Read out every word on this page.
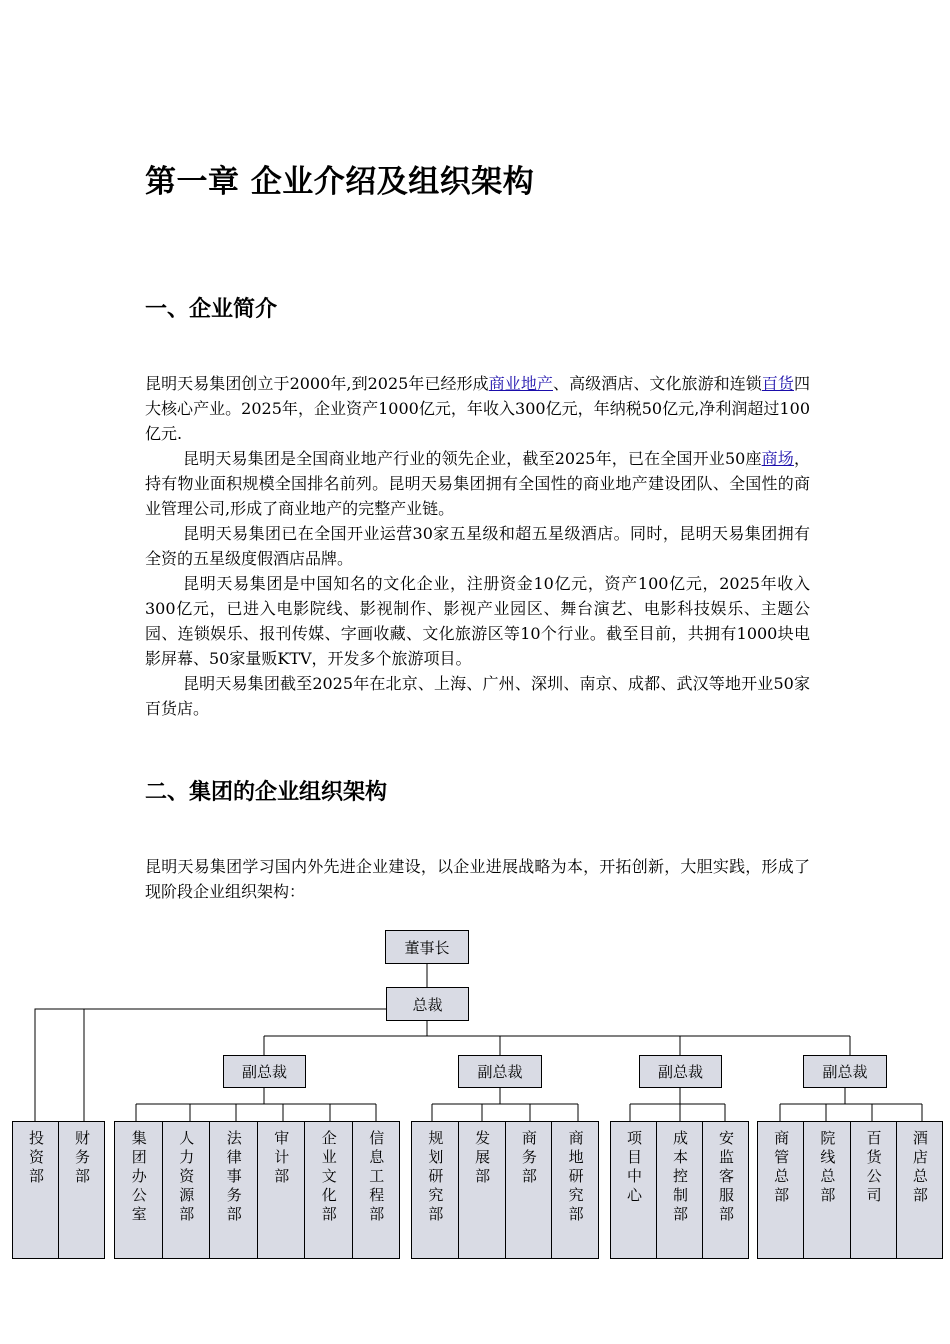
第一章 企业介绍及组织架构
一、企业简介

昆明天易集团创立于2000年,到2025年已经形成商业地产、高级酒店、文化旅游和连锁百货四大核心产业。2025年，企业资产1000亿元，年收入300亿元，年纳税50亿元,净利润超过100亿元.

昆明天易集团是全国商业地产行业的领先企业，截至2025年，已在全国开业50座商场，持有物业面积规模全国排名前列。昆明天易集团拥有全国性的商业地产建设团队、全国性的商业管理公司,形成了商业地产的完整产业链。

昆明天易集团已在全国开业运营30家五星级和超五星级酒店。同时，昆明天易集团拥有全资的五星级度假酒店品牌。

昆明天易集团是中国知名的文化企业，注册资金10亿元，资产100亿元，2025年收入300亿元，已进入电影院线、影视制作、影视产业园区、舞台演艺、电影科技娱乐、主题公园、连锁娱乐、报刊传媒、字画收藏、文化旅游区等10个行业。截至目前，共拥有1000块电影屏幕、50家量贩KTV，开发多个旅游项目。

昆明天易集团截至2025年在北京、上海、广州、深圳、南京、成都、武汉等地开业50家百货店。

二、集团的企业组织架构

昆明天易集团学习国内外先进企业建设，以企业进展战略为本，开拓创新，大胆实践，形成了现阶段企业组织架构：

董事长
总裁
副总裁	副总裁	副总裁	副总裁
投资部 财务部	集团办公室 人力资源部 法律事务部 审计部 企业文化部 信息工程部	规划研究部 发展部 商务部 商地研究部	项目中心 成本控制部 安监客服部 商管总部 院线总部 百货公司 酒店总部
